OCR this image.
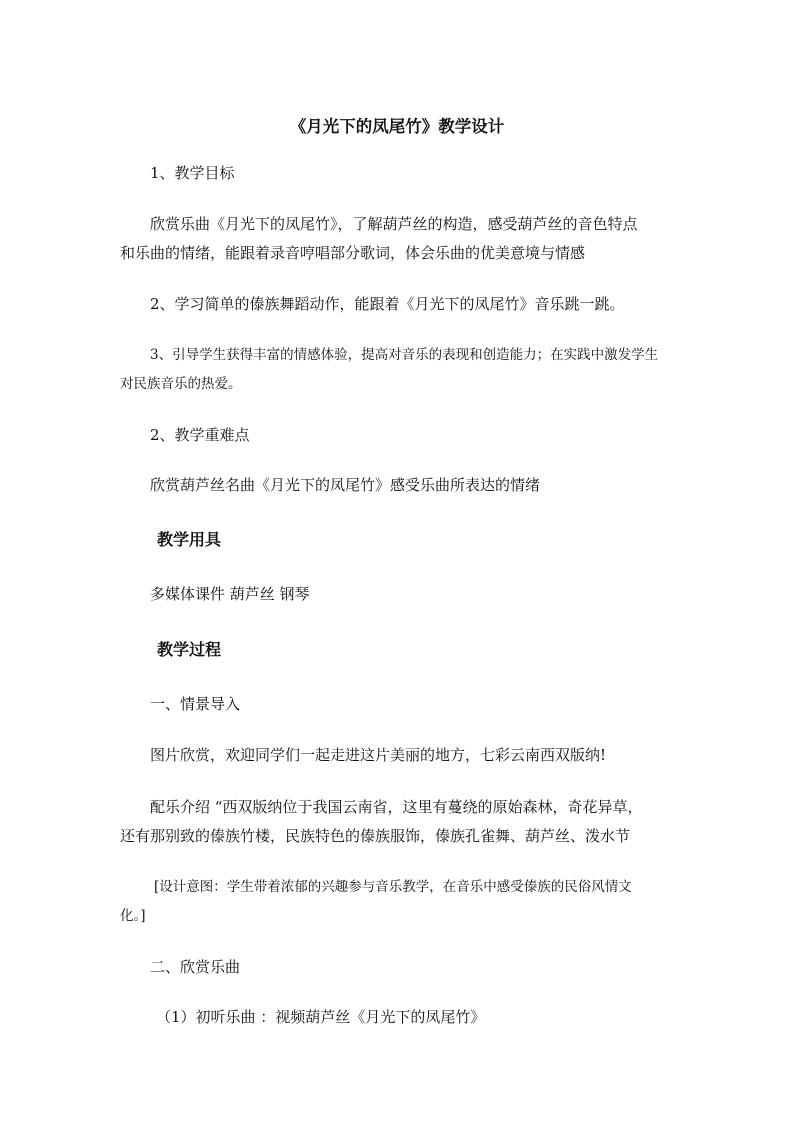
《月光下的凤尾竹》教学设计
1、教学目标
欣赏乐曲《月光下的凤尾竹》，了解葫芦丝的构造，感受葫芦丝的音色特点
和乐曲的情绪，能跟着录音哼唱部分歌词，体会乐曲的优美意境与情感
2、学习简单的傣族舞蹈动作，能跟着《月光下的凤尾竹》音乐跳一跳。
3、引导学生获得丰富的情感体验，提高对音乐的表现和创造能力；在实践中激发学生
对民族音乐的热爱。
2、教学重难点
欣赏葫芦丝名曲《月光下的凤尾竹》感受乐曲所表达的情绪
教学用具
多媒体课件 葫芦丝 钢琴
教学过程
一、情景导入
图片欣赏，欢迎同学们一起走进这片美丽的地方，七彩云南西双版纳!
配乐介绍 “西双版纳位于我国云南省，这里有蔓绕的原始森林，奇花异草，
还有那别致的傣族竹楼，民族特色的傣族服饰，傣族孔雀舞、葫芦丝、泼水节
[设计意图：学生带着浓郁的兴趣参与音乐教学，在音乐中感受傣族的民俗风情文
化。]
二、欣赏乐曲
（1）初听乐曲 ：视频葫芦丝《月光下的凤尾竹》
